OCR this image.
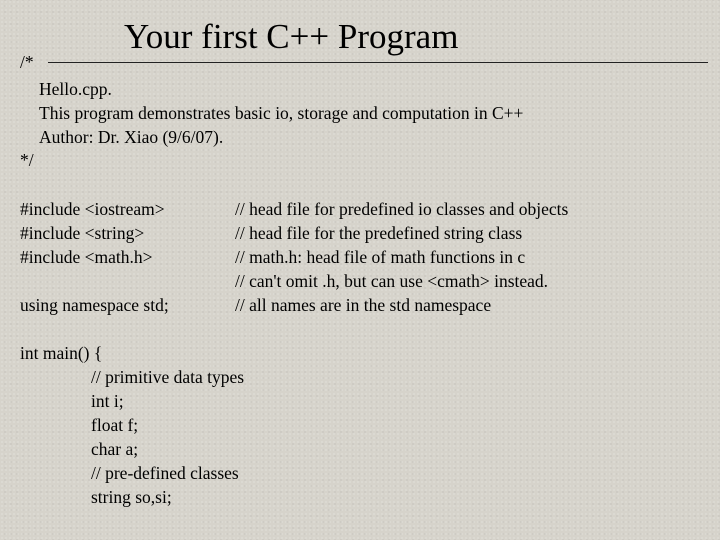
Your first C++ Program
/*
Hello.cpp.
This program demonstrates basic io, storage and computation in C++
Author: Dr. Xiao (9/6/07).
*/
#include <iostream>
#include <string>
#include <math.h>
using namespace std;
// head file for predefined io classes and objects
// head file for the predefined string class
// math.h: head file of math functions in c
// can't omit .h, but can use <cmath> instead.
// all names are in the std namespace
int main() {
// primitive data types
int i;
float f;
char a;
// pre-defined classes
string so,si;
